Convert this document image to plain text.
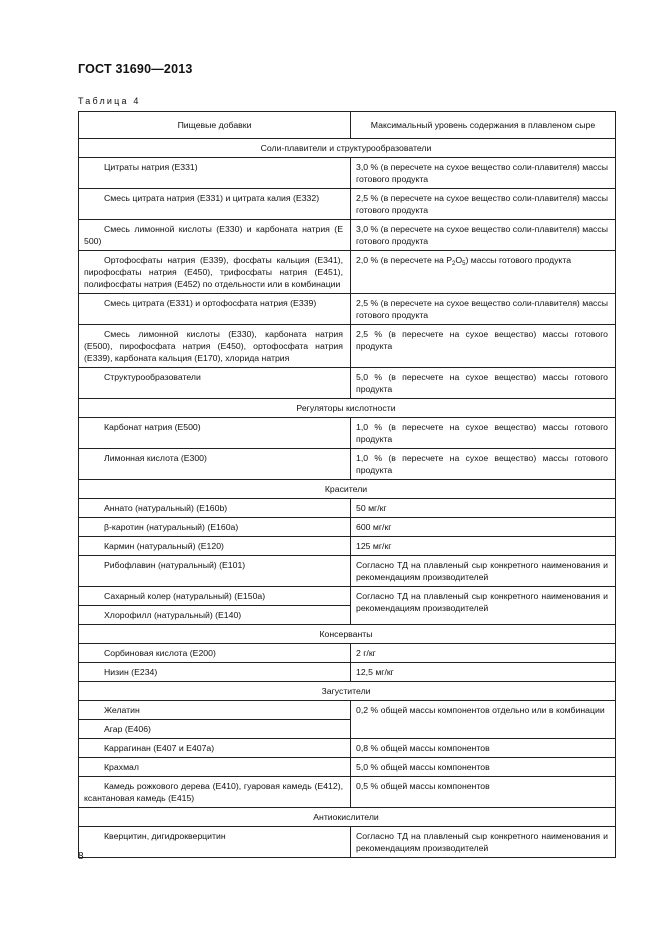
ГОСТ 31690—2013
Таблица 4
Пищевые добавки	Максимальный уровень содержания в плавленом сыре
Соли-плавители и структурообразователи	
Цитраты натрия (Е331)	3,0 % (в пересчете на сухое вещество соли-плавителя) массы готового продукта
Смесь цитрата натрия (Е331) и цитрата калия (Е332)	2,5 % (в пересчете на сухое вещество соли-плавителя) массы готового продукта
Смесь лимонной кислоты (Е330) и карбоната натрия (Е 500)	3,0 % (в пересчете на сухое вещество соли-плавителя) массы готового продукта
Ортофосфаты натрия (Е339), фосфаты кальция (Е341), пирофосфаты натрия (Е450), трифосфаты натрия (Е451), полифосфаты натрия (Е452) по отдельности или в комбинации	2,0 % (в пересчете на $P_2O_5$) массы готового продукта
Смесь цитрата (Е331) и ортофосфата натрия (Е339)	2,5 % (в пересчете на сухое вещество соли-плавителя) массы готового продукта
Смесь лимонной кислоты (Е330), карбоната натрия (Е500), пирофосфата натрия (Е450), ортофосфата натрия (Е339), карбоната кальция (Е170), хлорида натрия	2,5 % (в пересчете на сухое вещество) массы готового продукта
Структурообразователи	5,0 % (в пересчете на сухое вещество) массы готового продукта
Регуляторы кислотности	
Карбонат натрия (Е500)	1,0 % (в пересчете на сухое вещество) массы готового продукта
Лимонная кислота (Е300)	1,0 % (в пересчете на сухое вещество) массы готового продукта
Красители	
Аннато (натуральный) (Е160b)	50 мг/кг
β-каротин (натуральный) (Е160а)	600 мг/кг
Кармин (натуральный) (Е120)	125 мг/кг
Рибофлавин (натуральный) (Е101)	Согласно ТД на плавленый сыр конкретного наименования и рекомендациям производителей
Сахарный колер (натуральный) (Е150а)	Согласно ТД на плавленый сыр конкретного наименования и рекомендациям производителей
Хлорофилл (натуральный) (Е140)	
Консерванты	
Сорбиновая кислота (Е200)	2 г/кг
Низин (Е234)	12,5 мг/кг
Загустители	
Желатин	0,2 % общей массы компонентов отдельно или в комбинации
Агар (Е406)	
Каррагинан (Е407 и Е407а)	0,8 % общей массы компонентов
Крахмал	5,0 % общей массы компонентов
Камедь рожкового дерева (Е410), гуаровая камедь (Е412), ксантановая камедь (Е415)	0,5 % общей массы компонентов
Антиокислители	
Кверцитин, дигидрокверцитин	Согласно ТД на плавленый сыр конкретного наименования и рекомендациям производителей
8
